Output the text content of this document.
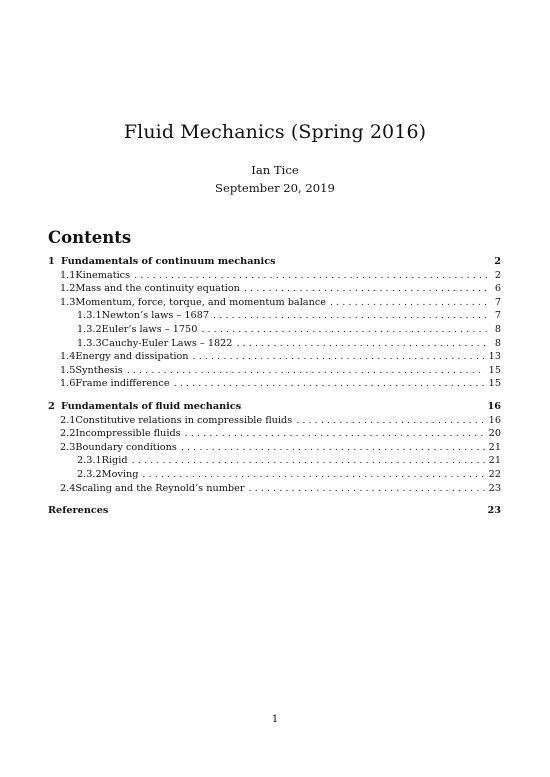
Fluid Mechanics (Spring 2016)
Ian Tice
September 20, 2019
Contents
1 Fundamentals of continuum mechanics	2
1.1 Kinematics . . .	2
1.2 Mass and the continuity equation . . .	6
1.3 Momentum, force, torque, and momentum balance . . .	7
1.3.1 Newton’s laws – 1687 . . .	7
1.3.2 Euler’s laws – 1750 . . .	8
1.3.3 Cauchy-Euler Laws – 1822 . . .	8
1.4 Energy and dissipation . . .	13
1.5 Synthesis . . .	15
1.6 Frame indifference . . .	15
2 Fundamentals of fluid mechanics	16
2.1 Constitutive relations in compressible fluids . . .	16
2.2 Incompressible fluids . . .	20
2.3 Boundary conditions . . .	21
2.3.1 Rigid . . .	21
2.3.2 Moving . . .	22
2.4 Scaling and the Reynold’s number . . .	23
References	23
1
